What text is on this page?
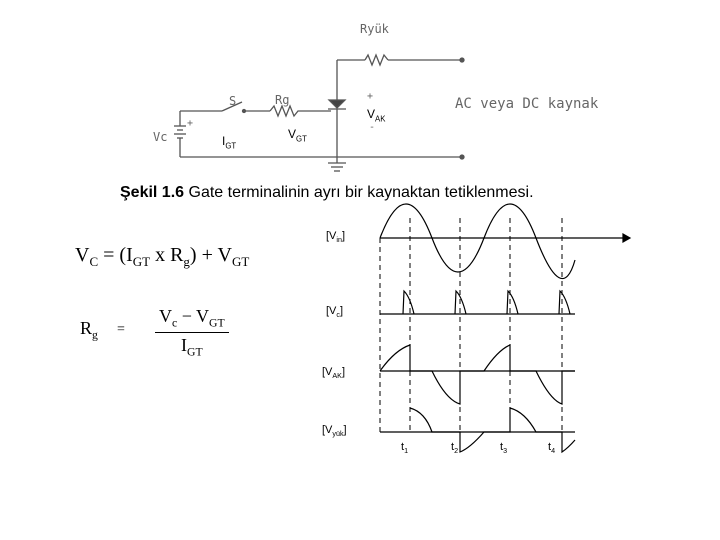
Ryük
S	Rg
Vc
+
+
$V_{AK}$
-
$I_{GT}$
$V_{GT}$
AC veya DC kaynak
Şekil 1.6 Gate terminalinin ayrı bir kaynaktan tetiklenmesi.
$V_C = (I_{GT}$ x $R_g) + V_{GT}$
$R_g = \frac{V_c - V_{GT}}{I_{GT}}$
$[V_{in}]$
$[V_c]$
$[V_{AK}]$
$[V_{yük}]$
$t_1$	$t_2$	$t_3$	$t_4$
